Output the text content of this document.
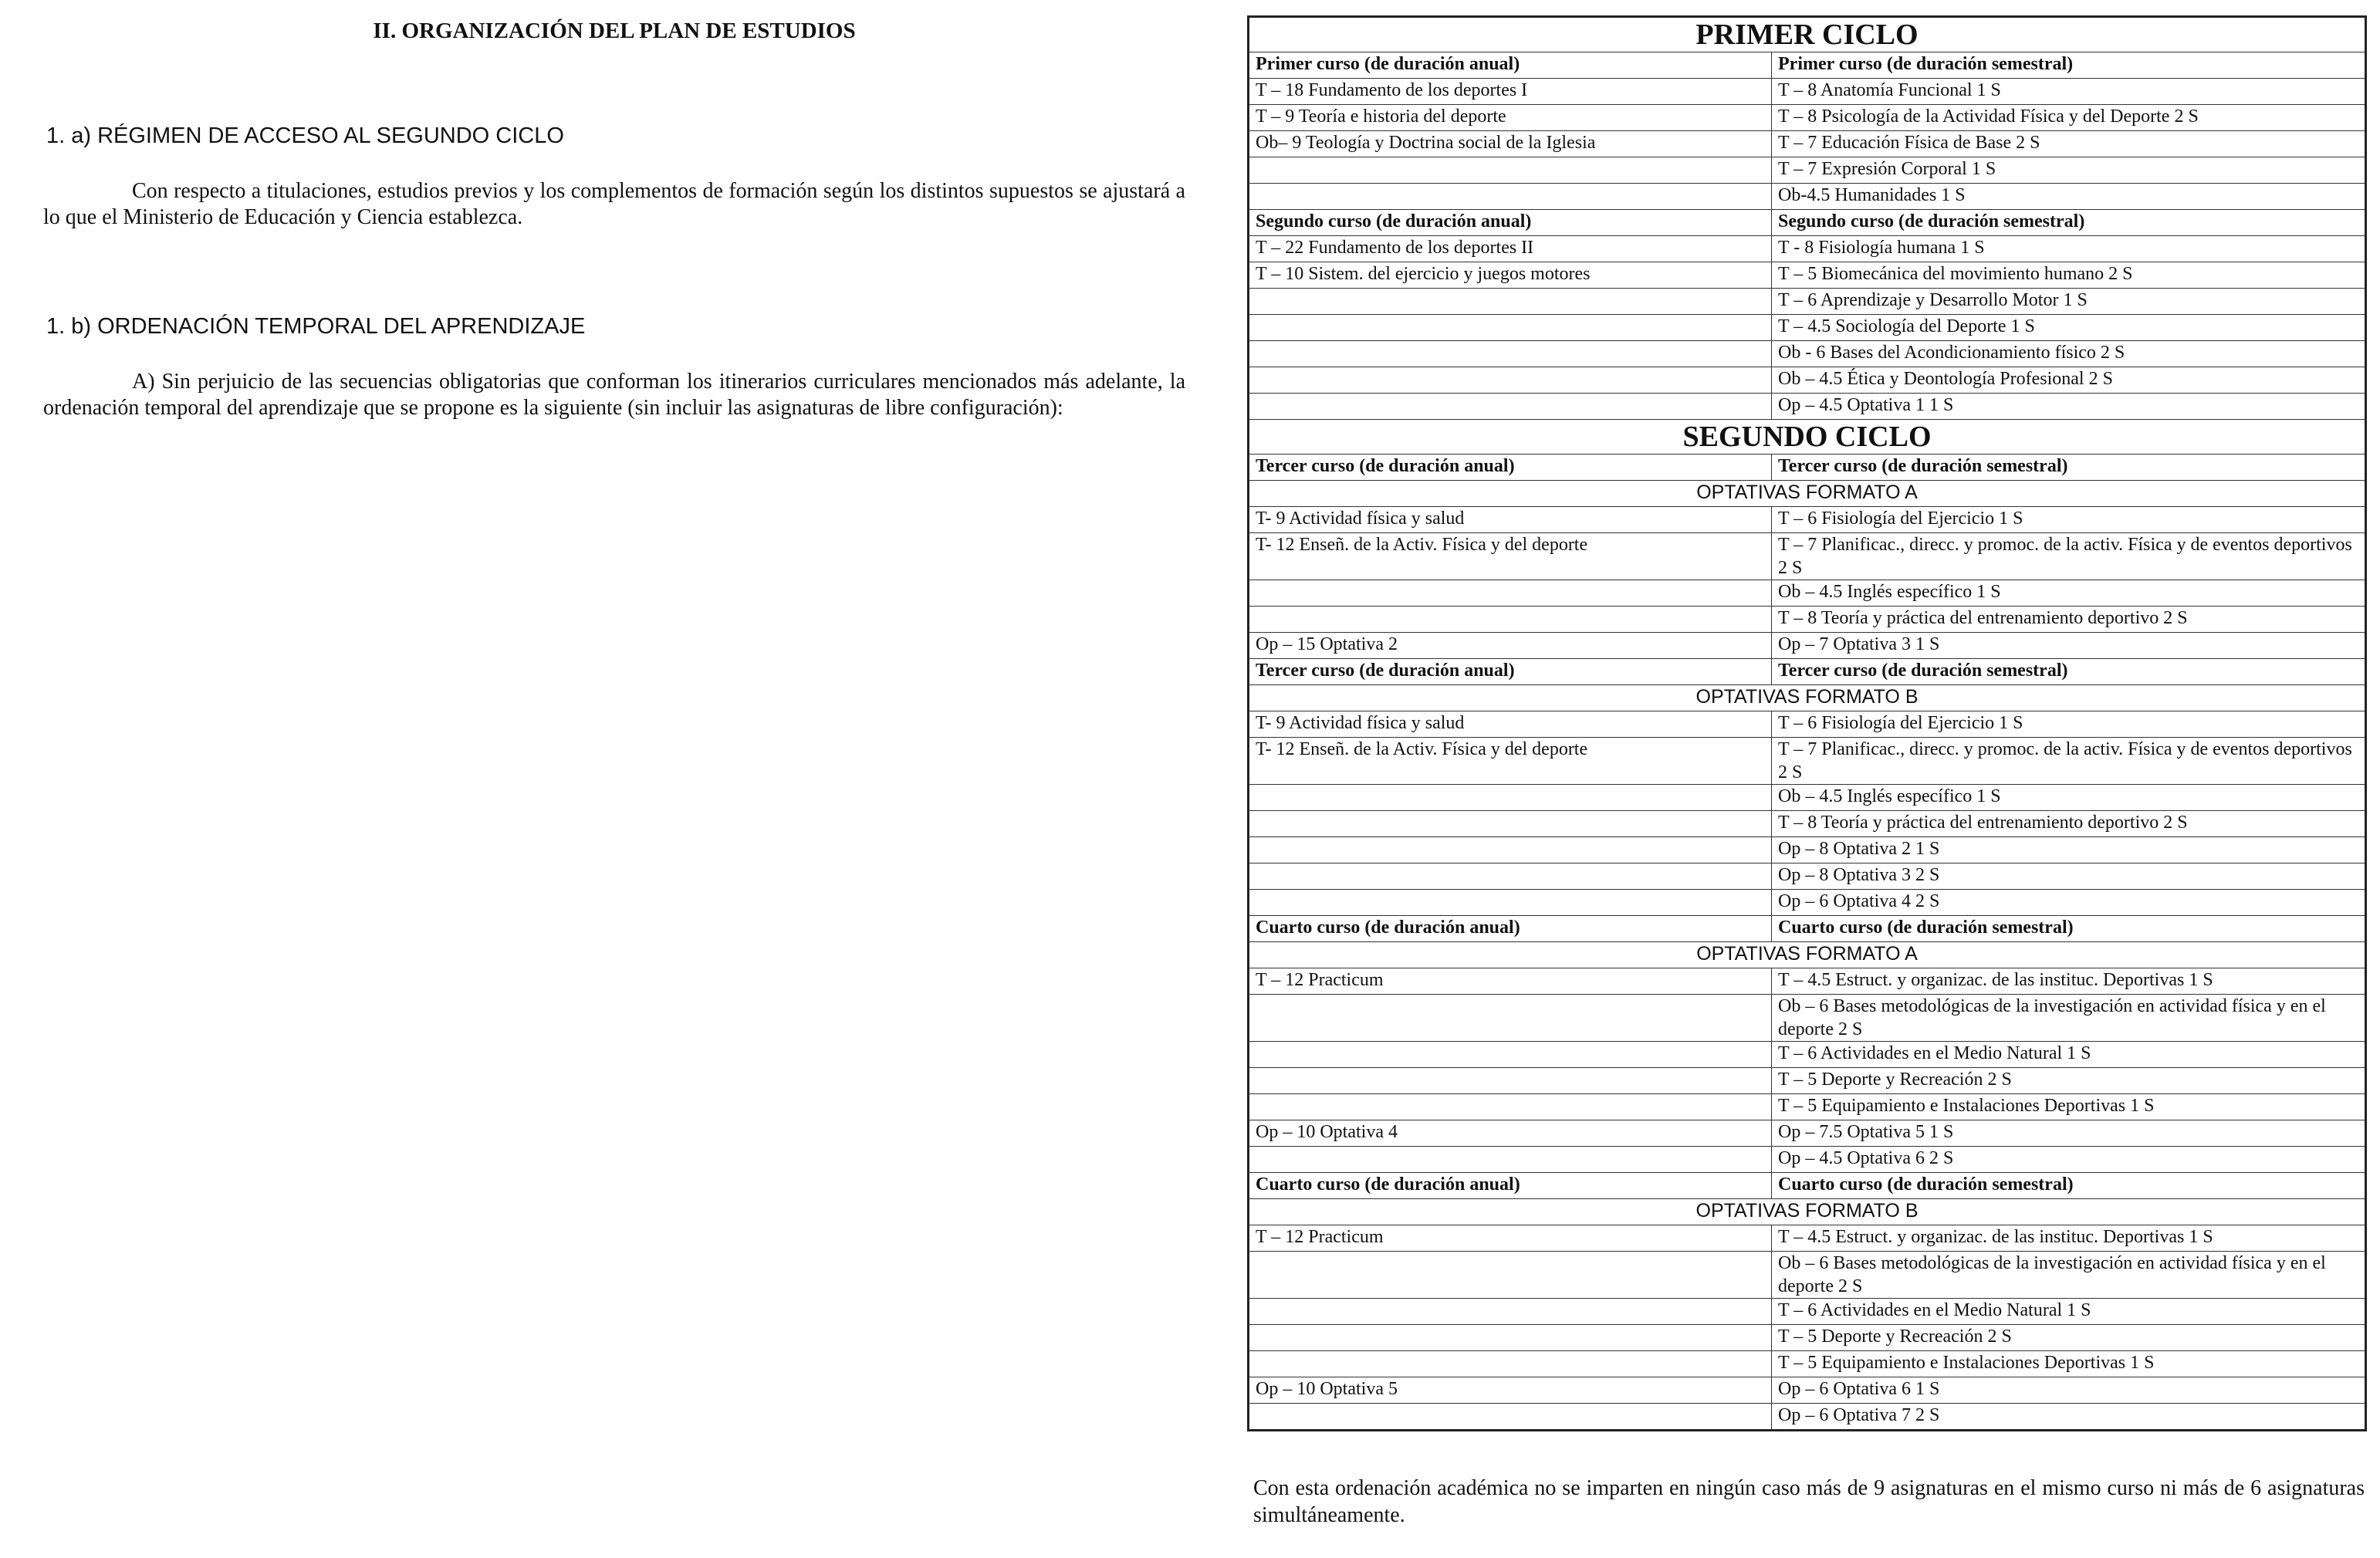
II. ORGANIZACIÓN DEL PLAN DE ESTUDIOS

1. a) RÉGIMEN DE ACCESO AL SEGUNDO CICLO

Con respecto a titulaciones, estudios previos y los complementos de formación según los distintos supuestos se ajustará a lo que el Ministerio de Educación y Ciencia establezca.

1. b) ORDENACIÓN TEMPORAL DEL APRENDIZAJE

A) Sin perjuicio de las secuencias obligatorias que conforman los itinerarios curriculares mencionados más adelante, la ordenación temporal del aprendizaje que se propone es la siguiente (sin incluir las asignaturas de libre configuración):

PRIMER CICLO	
Primer curso (de duración anual)	Primer curso (de duración semestral)
T – 18 Fundamento de los deportes I	T – 8 Anatomía Funcional 1 S
T – 9 Teoría e historia del deporte	T – 8 Psicología de la Actividad Física y del Deporte 2 S
Ob– 9 Teología y Doctrina social de la Iglesia	T – 7 Educación Física de Base 2 S
	T – 7 Expresión Corporal 1 S
	Ob-4.5 Humanidades 1 S
Segundo curso (de duración anual)	Segundo curso (de duración semestral)
T – 22 Fundamento de los deportes II	T - 8 Fisiología humana 1 S
T – 10 Sistem. del ejercicio y juegos motores	T – 5 Biomecánica del movimiento humano 2 S
	T – 6 Aprendizaje y Desarrollo Motor 1 S
	T – 4.5 Sociología del Deporte 1 S
	Ob - 6 Bases del Acondicionamiento físico 2 S
	Ob – 4.5 Ética y Deontología Profesional 2 S
	Op – 4.5 Optativa 1 1 S
SEGUNDO CICLO	
Tercer curso (de duración anual)	Tercer curso (de duración semestral)
OPTATIVAS FORMATO A	
T- 9 Actividad física y salud	T – 6 Fisiología del Ejercicio 1 S
T- 12 Enseñ. de la Activ. Física y del deporte	T – 7 Planificac., direcc. y promoc. de la activ. Física y de eventos deportivos 2 S
	Ob – 4.5 Inglés específico 1 S
	T – 8 Teoría y práctica del entrenamiento deportivo 2 S
Op – 15 Optativa 2	Op – 7 Optativa 3 1 S
Tercer curso (de duración anual)	Tercer curso (de duración semestral)
OPTATIVAS FORMATO B	
T- 9 Actividad física y salud	T – 6 Fisiología del Ejercicio 1 S
T- 12 Enseñ. de la Activ. Física y del deporte	T – 7 Planificac., direcc. y promoc. de la activ. Física y de eventos deportivos 2 S
	Ob – 4.5 Inglés específico 1 S
	T – 8 Teoría y práctica del entrenamiento deportivo 2 S
	Op – 8 Optativa 2 1 S
	Op – 8 Optativa 3 2 S
	Op – 6 Optativa 4 2 S
Cuarto curso (de duración anual)	Cuarto curso (de duración semestral)
OPTATIVAS FORMATO A	
T – 12 Practicum	T – 4.5 Estruct. y organizac. de las instituc. Deportivas 1 S
	Ob – 6 Bases metodológicas de la investigación en actividad física y en el deporte 2 S
	T – 6 Actividades en el Medio Natural 1 S
	T – 5 Deporte y Recreación 2 S
	T – 5 Equipamiento e Instalaciones Deportivas 1 S
Op – 10 Optativa 4	Op – 7.5 Optativa 5 1 S
	Op – 4.5 Optativa 6 2 S
Cuarto curso (de duración anual)	Cuarto curso (de duración semestral)
OPTATIVAS FORMATO B	
T – 12 Practicum	T – 4.5 Estruct. y organizac. de las instituc. Deportivas 1 S
	Ob – 6 Bases metodológicas de la investigación en actividad física y en el deporte 2 S
	T – 6 Actividades en el Medio Natural 1 S
	T – 5 Deporte y Recreación 2 S
	T – 5 Equipamiento e Instalaciones Deportivas 1 S
Op – 10 Optativa 5	Op – 6 Optativa 6 1 S
	Op – 6 Optativa 7 2 S

Con esta ordenación académica no se imparten en ningún caso más de 9 asignaturas en el mismo curso ni más de 6 asignaturas simultáneamente.
